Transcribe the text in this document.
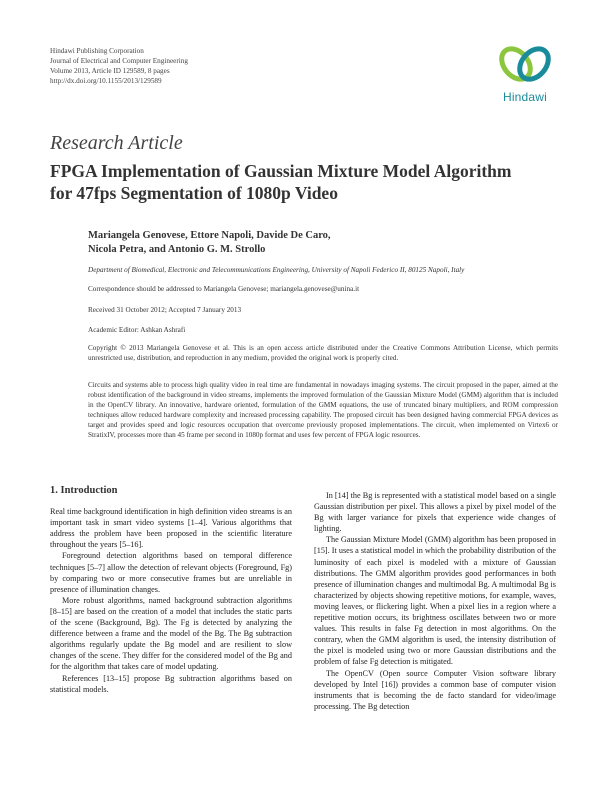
Hindawi Publishing Corporation
Journal of Electrical and Computer Engineering
Volume 2013, Article ID 129589, 8 pages
http://dx.doi.org/10.1155/2013/129589
Hindawi
Research Article
FPGA Implementation of Gaussian Mixture Model Algorithm
for 47fps Segmentation of 1080p Video
Mariangela Genovese, Ettore Napoli, Davide De Caro,
Nicola Petra, and Antonio G. M. Strollo
Department of Biomedical, Electronic and Telecommunications Engineering, University of Napoli Federico II, 80125 Napoli, Italy
Correspondence should be addressed to Mariangela Genovese; mariangela.genovese@unina.it
Received 31 October 2012; Accepted 7 January 2013
Academic Editor: Ashkan Ashrafi
Copyright © 2013 Mariangela Genovese et al. This is an open access article distributed under the Creative Commons Attribution License, which permits unrestricted use, distribution, and reproduction in any medium, provided the original work is properly cited.
Circuits and systems able to process high quality video in real time are fundamental in nowadays imaging systems. The circuit proposed in the paper, aimed at the robust identification of the background in video streams, implements the improved formulation of the Gaussian Mixture Model (GMM) algorithm that is included in the OpenCV library. An innovative, hardware oriented, formulation of the GMM equations, the use of truncated binary multipliers, and ROM compression techniques allow reduced hardware complexity and increased processing capability. The proposed circuit has been designed having commercial FPGA devices as target and provides speed and logic resources occupation that overcome previously proposed implementations. The circuit, when implemented on Virtex6 or StratixIV, processes more than 45 frame per second in 1080p format and uses few percent of FPGA logic resources.
1. Introduction

Real time background identification in high definition video streams is an important task in smart video systems [1–4]. Various algorithms that address the problem have been proposed in the scientific literature throughout the years [5–16].

Foreground detection algorithms based on temporal difference techniques [5–7] allow the detection of relevant objects (Foreground, Fg) by comparing two or more consecutive frames but are unreliable in presence of illumination changes.

More robust algorithms, named background subtraction algorithms [8–15] are based on the creation of a model that includes the static parts of the scene (Background, Bg). The Fg is detected by analyzing the difference between a frame and the model of the Bg. The Bg subtraction algorithms regularly update the Bg model and are resilient to slow changes of the scene. They differ for the considered model of the Bg and for the algorithm that takes care of model updating.

References [13–15] propose Bg subtraction algorithms based on statistical models.

In [14] the Bg is represented with a statistical model based on a single Gaussian distribution per pixel. This allows a pixel by pixel model of the Bg with larger variance for pixels that experience wide changes of lighting.

The Gaussian Mixture Model (GMM) algorithm has been proposed in [15]. It uses a statistical model in which the probability distribution of the luminosity of each pixel is modeled with a mixture of Gaussian distributions. The GMM algorithm provides good performances in both presence of illumination changes and multimodal Bg. A multimodal Bg is characterized by objects showing repetitive motions, for example, waves, moving leaves, or flickering light. When a pixel lies in a region where a repetitive motion occurs, its brightness oscillates between two or more values. This results in false Fg detection in most algorithms. On the contrary, when the GMM algorithm is used, the intensity distribution of the pixel is modeled using two or more Gaussian distributions and the problem of false Fg detection is mitigated.

The OpenCV (Open source Computer Vision software library developed by Intel [16]) provides a common base of computer vision instruments that is becoming the de facto standard for video/image processing. The Bg detection
